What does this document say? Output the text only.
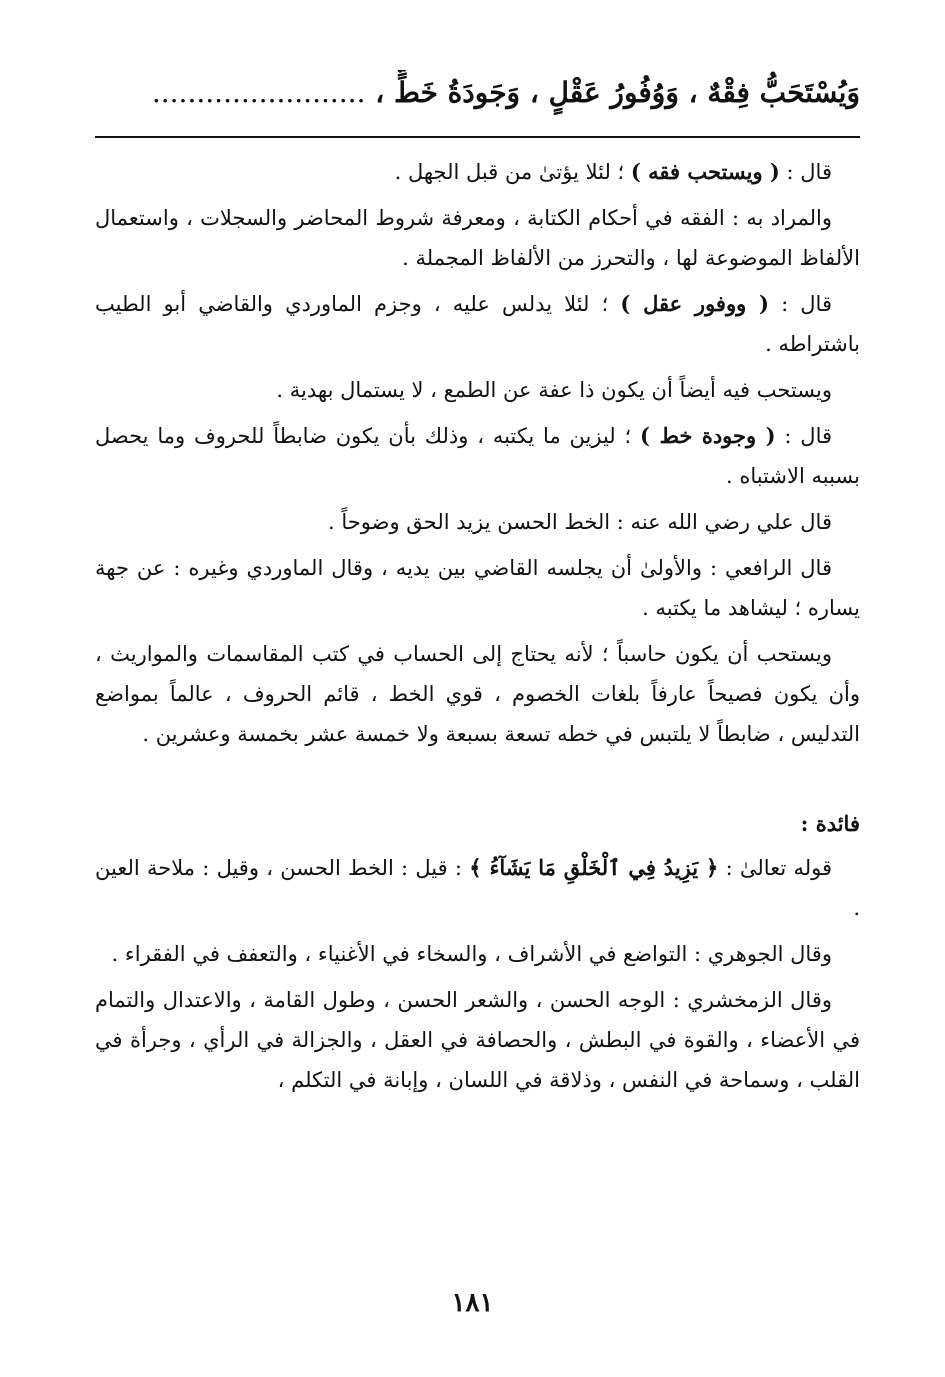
وَيُسْتَحَبُّ فِقْهٌ ، وَوُفُورُ عَقْلٍ ، وَجَودَةُ خَطٍّ ، ........................

قال : ( ويستحب فقه ) ؛ لئلا يؤتىٰ من قبل الجهل .

والمراد به : الفقه في أحكام الكتابة ، ومعرفة شروط المحاضر والسجلات ، واستعمال الألفاظ الموضوعة لها ، والتحرز من الألفاظ المجملة .

قال : ( ووفور عقل ) ؛ لئلا يدلس عليه ، وجزم الماوردي والقاضي أبو الطيب باشتراطه .

ويستحب فيه أيضاً أن يكون ذا عفة عن الطمع ، لا يستمال بهدية .

قال : ( وجودة خط ) ؛ ليزين ما يكتبه ، وذلك بأن يكون ضابطاً للحروف وما يحصل بسببه الاشتباه .

قال علي رضي الله عنه : الخط الحسن يزيد الحق وضوحاً .

قال الرافعي : والأولىٰ أن يجلسه القاضي بين يديه ، وقال الماوردي وغيره : عن جهة يساره ؛ ليشاهد ما يكتبه .

ويستحب أن يكون حاسباً ؛ لأنه يحتاج إلى الحساب في كتب المقاسمات والمواريث ، وأن يكون فصيحاً عارفاً بلغات الخصوم ، قوي الخط ، قائم الحروف ، عالماً بمواضع التدليس ، ضابطاً لا يلتبس في خطه تسعة بسبعة ولا خمسة عشر بخمسة وعشرين .

فائدة :

قوله تعالىٰ : ﴿ يَزِيدُ فِي ٱلْخَلْقِ مَا يَشَآءُ ﴾ : قيل : الخط الحسن ، وقيل : ملاحة العين .

وقال الجوهري : التواضع في الأشراف ، والسخاء في الأغنياء ، والتعفف في الفقراء .

وقال الزمخشري : الوجه الحسن ، والشعر الحسن ، وطول القامة ، والاعتدال والتمام في الأعضاء ، والقوة في البطش ، والحصافة في العقل ، والجزالة في الرأي ، وجرأة في القلب ، وسماحة في النفس ، وذلاقة في اللسان ، وإبانة في التكلم ،

١٨١
